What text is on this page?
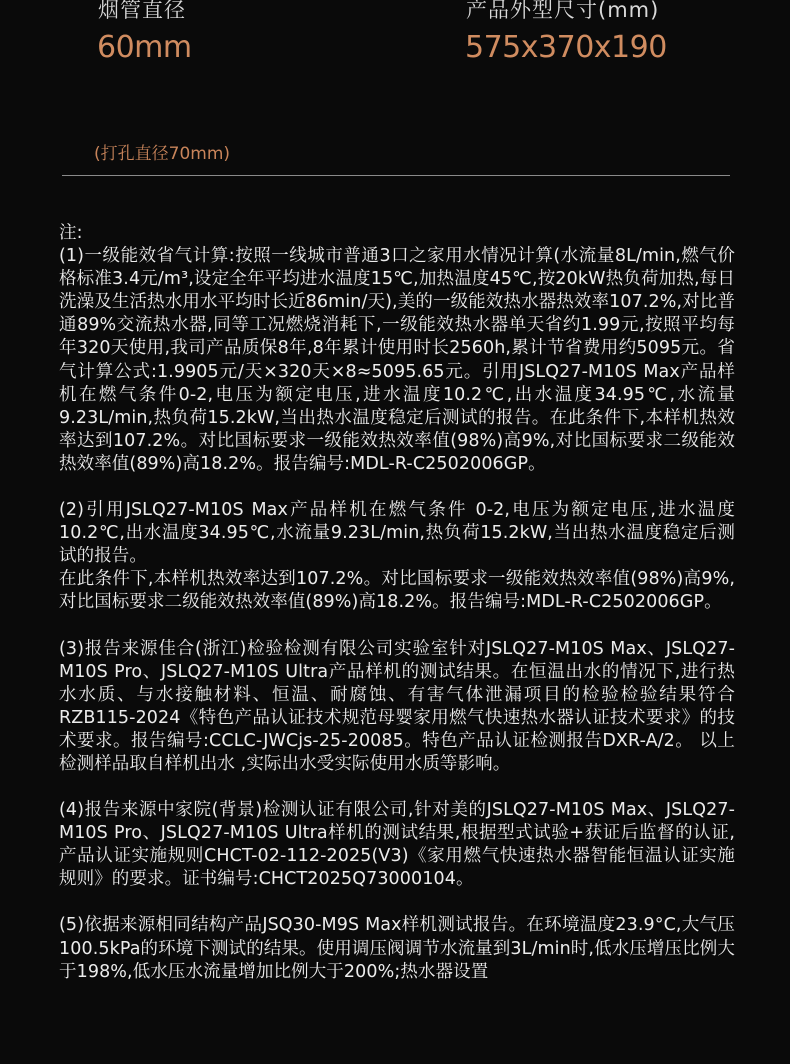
烟管直径
60mm
(打孔直径70mm)
产品外型尺寸(mm)
575x370x190

注:

(1)一级能效省气计算:按照一线城市普通3口之家用水情况计算(水流量8L/min,燃气价格标准3.4元/m³,设定全年平均进水温度15℃,加热温度45℃,按20kW热负荷加热,每日洗澡及生活热水用水平均时长近86min/天),美的一级能效热水器热效率107.2%,对比普通89%交流热水器,同等工况燃烧消耗下,一级能效热水器单天省约1.99元,按照平均每年320天使用,我司产品质保8年,8年累计使用时长2560h,累计节省费用约5095元。省气计算公式:1.9905元/天×320天×8≈5095.65元。引用JSLQ27-M10S Max产品样机在燃气条件0-2,电压为额定电压,进水温度10.2℃,出水温度34.95℃,水流量9.23L/min,热负荷15.2kW,当出热水温度稳定后测试的报告。在此条件下,本样机热效率达到107.2%。对比国标要求一级能效热效率值(98%)高9%,对比国标要求二级能效热效率值(89%)高18.2%。报告编号:MDL-R-C2502006GP。

(2)引用JSLQ27-M10S Max产品样机在燃气条件 0-2,电压为额定电压,进水温度10.2℃,出水温度34.95℃,水流量9.23L/min,热负荷15.2kW,当出热水温度稳定后测试的报告。

在此条件下,本样机热效率达到107.2%。对比国标要求一级能效热效率值(98%)高9%,对比国标要求二级能效热效率值(89%)高18.2%。报告编号:MDL-R-C2502006GP。

(3)报告来源佳合(浙江)检验检测有限公司实验室针对JSLQ27-M10S Max、JSLQ27-M10S Pro、JSLQ27-M10S Ultra产品样机的测试结果。在恒温出水的情况下,进行热水水质、与水接触材料、恒温、耐腐蚀、有害气体泄漏项目的检验检验结果符合 RZB115-2024《特色产品认证技术规范母婴家用燃气快速热水器认证技术要求》的技术要求。报告编号:CCLC-JWCjs-25-20085。特色产品认证检测报告DXR-A/2。 以上检测样品取自样机出水 ,实际出水受实际使用水质等影响。

(4)报告来源中家院(背景)检测认证有限公司,针对美的JSLQ27-M10S Max、JSLQ27-M10S Pro、JSLQ27-M10S Ultra样机的测试结果,根据型式试验+获证后监督的认证,产品认证实施规则CHCT-02-112-2025(V3)《家用燃气快速热水器智能恒温认证实施规则》的要求。证书编号:CHCT2025Q73000104。

(5)依据来源相同结构产品JSQ30-M9S Max样机测试报告。在环境温度23.9°C,大气压100.5kPa的环境下测试的结果。使用调压阀调节水流量到3L/min时,低水压增压比例大于198%,低水压水流量增加比例大于200%;热水器设置
